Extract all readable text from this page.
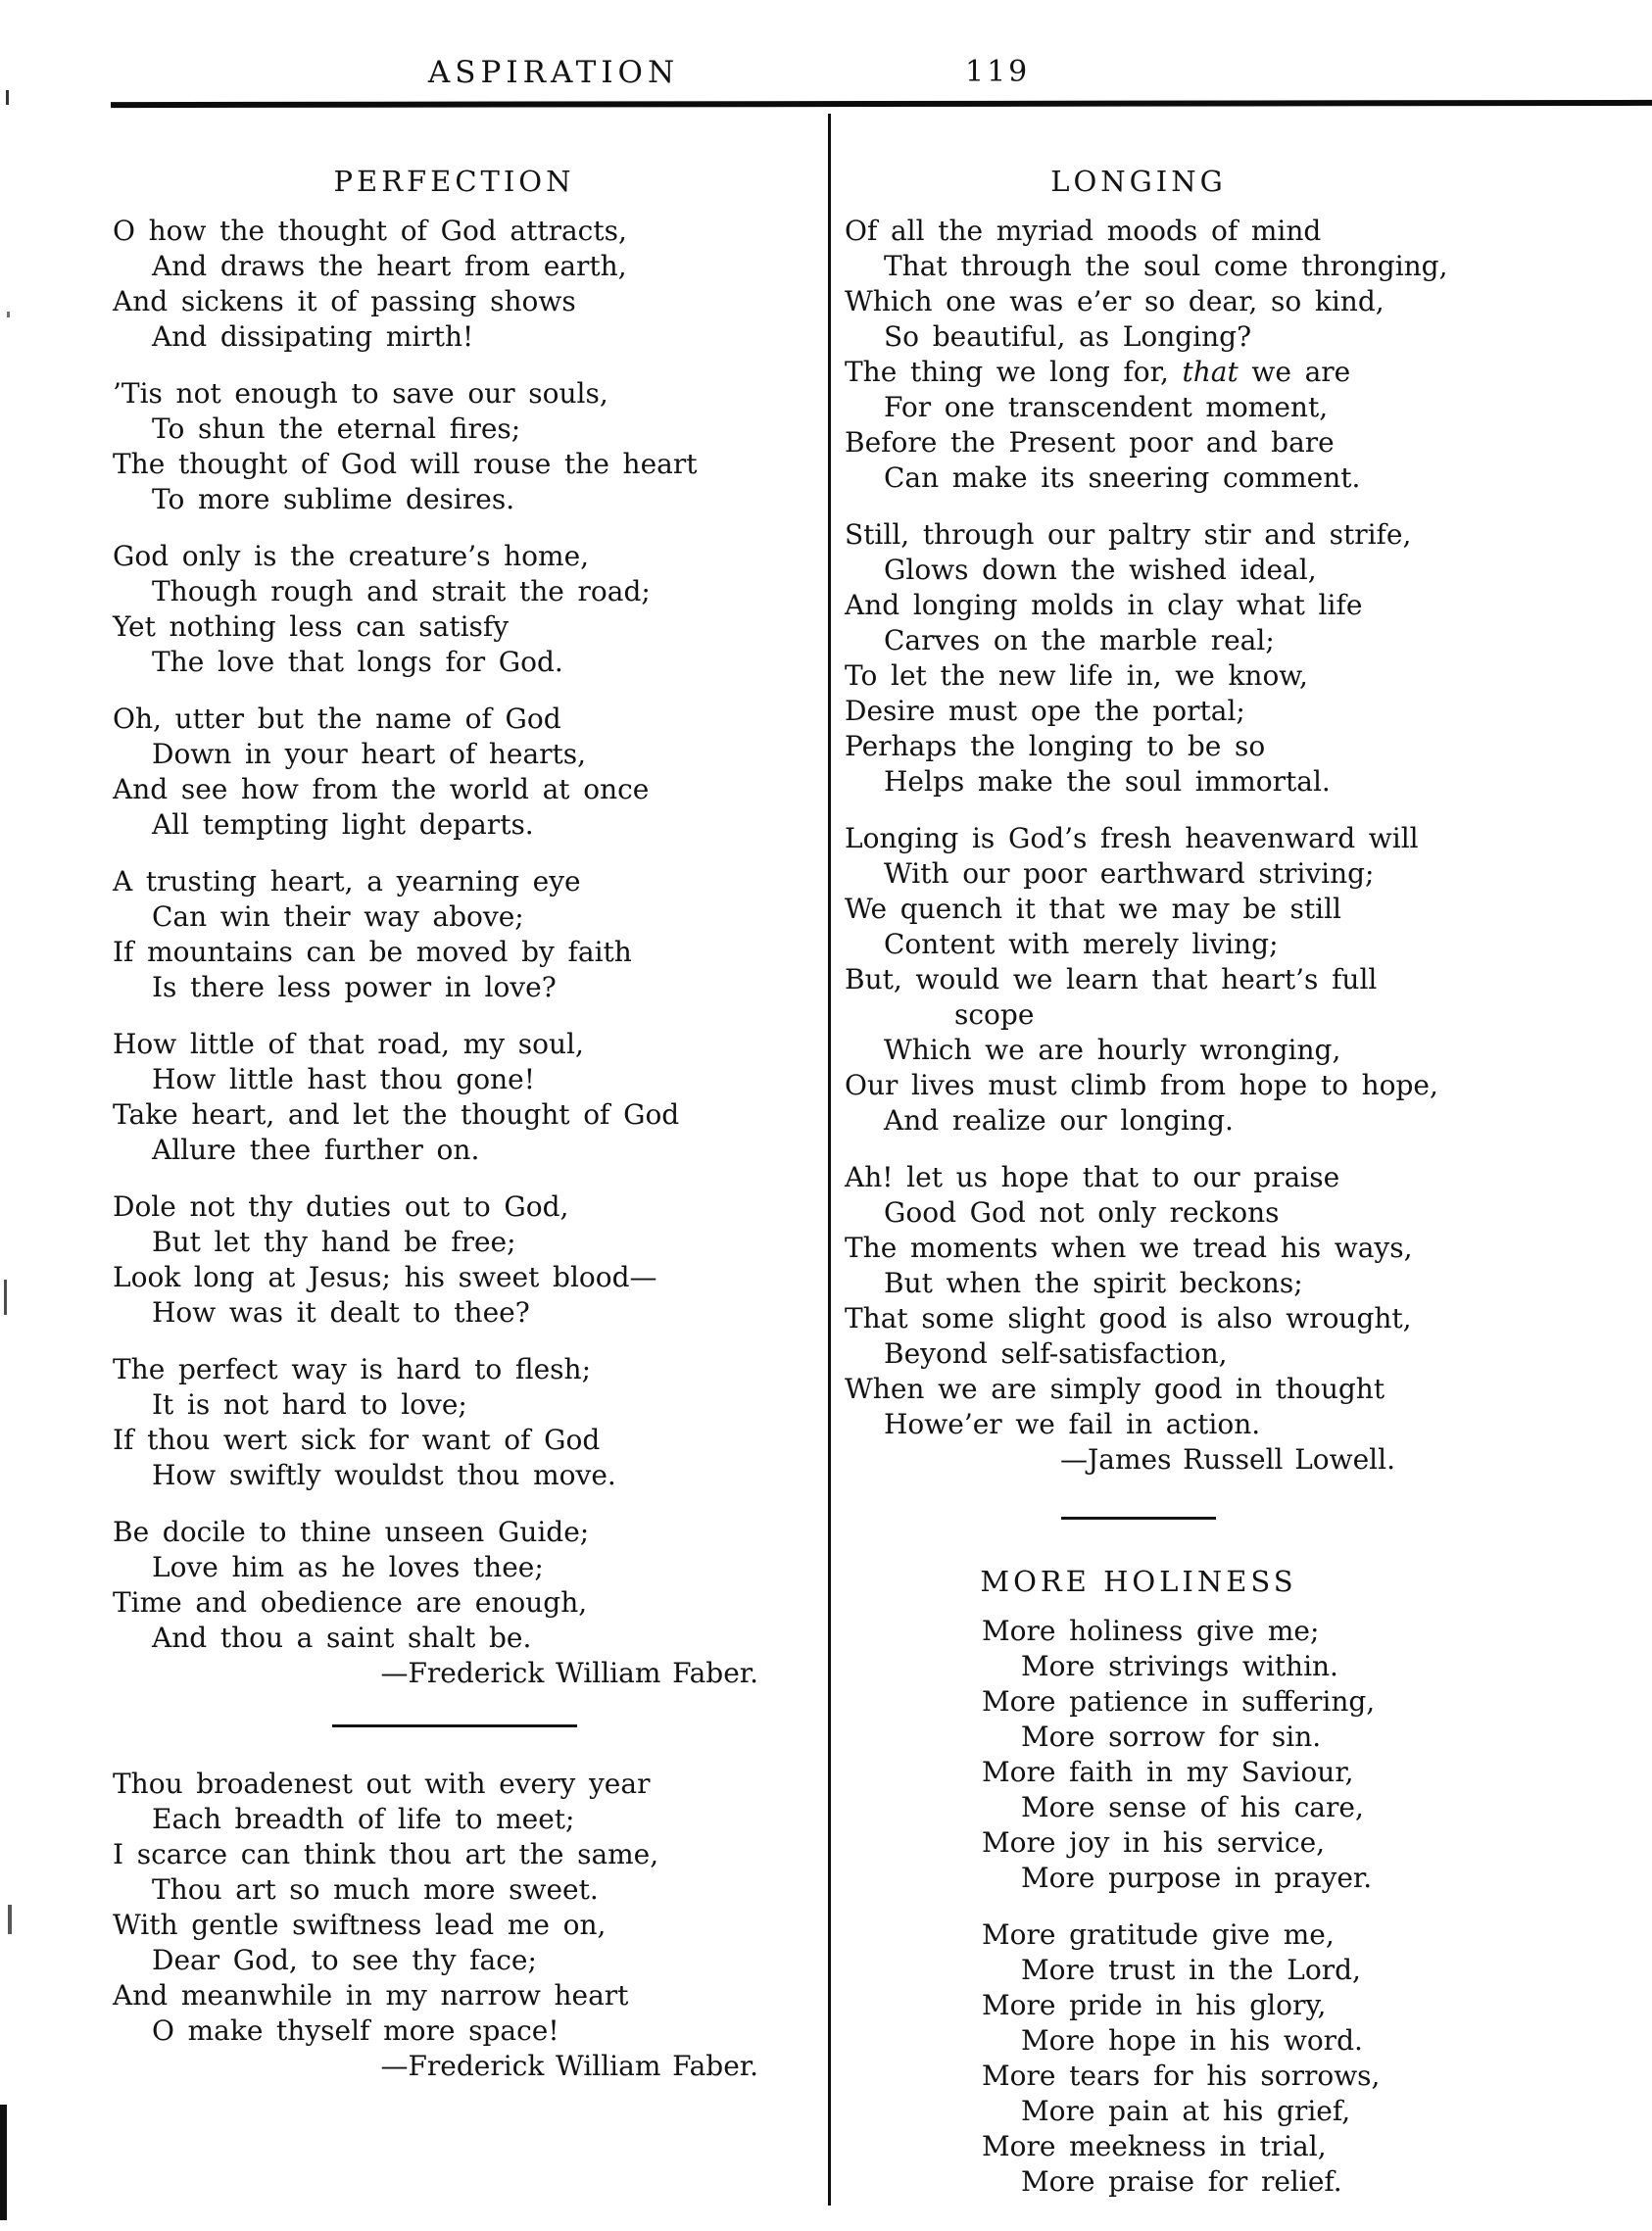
ASPIRATION	119
PERFECTION
O how the thought of God attracts,
And draws the heart from earth,
And sickens it of passing shows
And dissipating mirth!
’Tis not enough to save our souls,
To shun the eternal fires;
The thought of God will rouse the heart
To more sublime desires.
God only is the creature’s home,
Though rough and strait the road;
Yet nothing less can satisfy
The love that longs for God.
Oh, utter but the name of God
Down in your heart of hearts,
And see how from the world at once
All tempting light departs.
A trusting heart, a yearning eye
Can win their way above;
If mountains can be moved by faith
Is there less power in love?
How little of that road, my soul,
How little hast thou gone!
Take heart, and let the thought of God
Allure thee further on.
Dole not thy duties out to God,
But let thy hand be free;
Look long at Jesus; his sweet blood—
How was it dealt to thee?
The perfect way is hard to flesh;
It is not hard to love;
If thou wert sick for want of God
How swiftly wouldst thou move.
Be docile to thine unseen Guide;
Love him as he loves thee;
Time and obedience are enough,
And thou a saint shalt be.
—Frederick William Faber.
Thou broadenest out with every year
Each breadth of life to meet;
I scarce can think thou art the same,
Thou art so much more sweet.
With gentle swiftness lead me on,
Dear God, to see thy face;
And meanwhile in my narrow heart
O make thyself more space!
—Frederick William Faber.
LONGING
Of all the myriad moods of mind
That through the soul come thronging,
Which one was e’er so dear, so kind,
So beautiful, as Longing?
The thing we long for, that we are
For one transcendent moment,
Before the Present poor and bare
Can make its sneering comment.
Still, through our paltry stir and strife,
Glows down the wished ideal,
And longing molds in clay what life
Carves on the marble real;
To let the new life in, we know,
Desire must ope the portal;
Perhaps the longing to be so
Helps make the soul immortal.
Longing is God’s fresh heavenward will
With our poor earthward striving;
We quench it that we may be still
Content with merely living;
But, would we learn that heart’s full
scope
Which we are hourly wronging,
Our lives must climb from hope to hope,
And realize our longing.
Ah! let us hope that to our praise
Good God not only reckons
The moments when we tread his ways,
But when the spirit beckons;
That some slight good is also wrought,
Beyond self-satisfaction,
When we are simply good in thought
Howe’er we fail in action.
—James Russell Lowell.
MORE HOLINESS
More holiness give me;
More strivings within.
More patience in suffering,
More sorrow for sin.
More faith in my Saviour,
More sense of his care,
More joy in his service,
More purpose in prayer.
More gratitude give me,
More trust in the Lord,
More pride in his glory,
More hope in his word.
More tears for his sorrows,
More pain at his grief,
More meekness in trial,
More praise for relief.
